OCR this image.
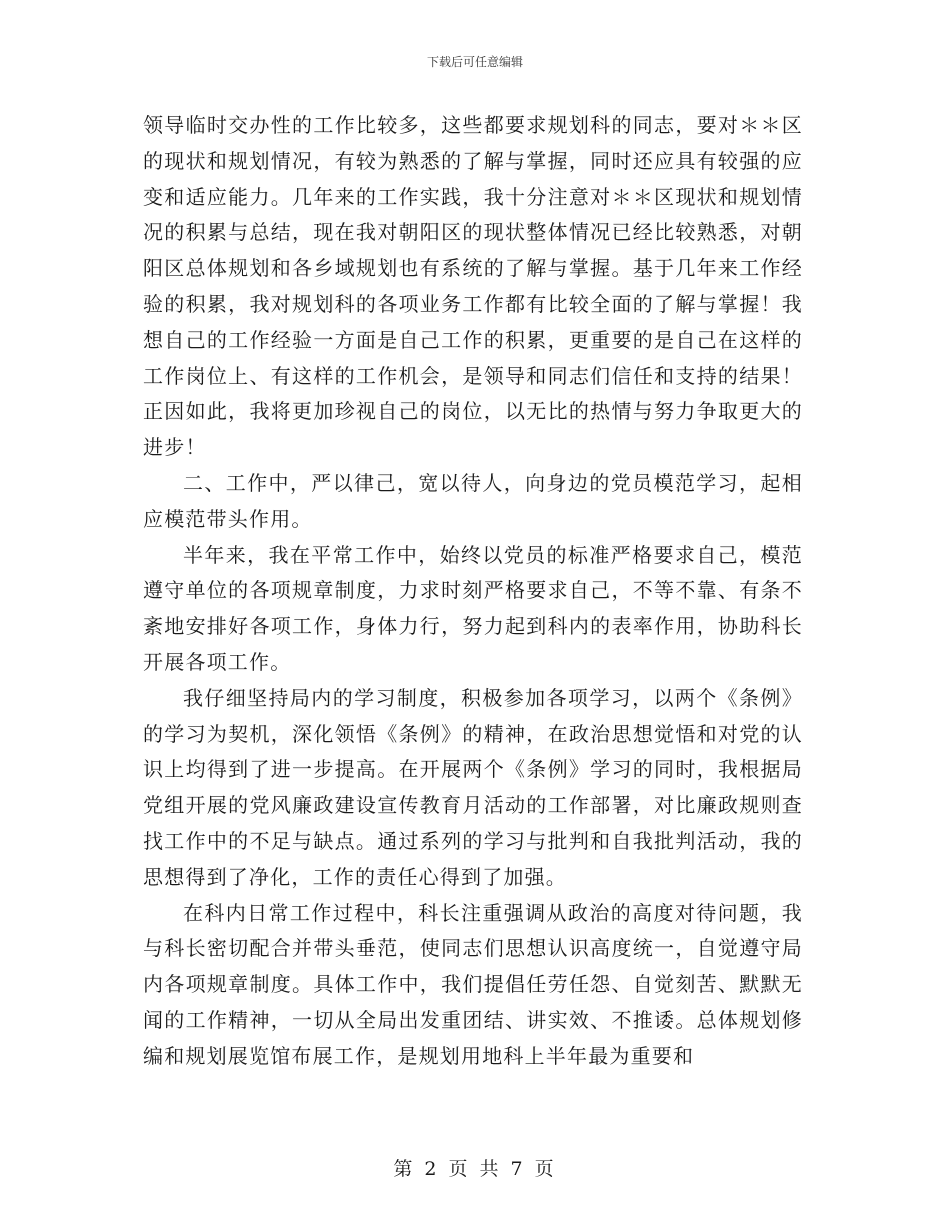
下载后可任意编辑

领导临时交办性的工作比较多，这些都要求规划科的同志，要对＊＊区的现状和规划情况，有较为熟悉的了解与掌握，同时还应具有较强的应变和适应能力。几年来的工作实践，我十分注意对＊＊区现状和规划情况的积累与总结，现在我对朝阳区的现状整体情况已经比较熟悉，对朝阳区总体规划和各乡域规划也有系统的了解与掌握。基于几年来工作经验的积累，我对规划科的各项业务工作都有比较全面的了解与掌握！我想自己的工作经验一方面是自己工作的积累，更重要的是自己在这样的工作岗位上、有这样的工作机会，是领导和同志们信任和支持的结果！正因如此，我将更加珍视自己的岗位，以无比的热情与努力争取更大的进步！

二、工作中，严以律己，宽以待人，向身边的党员模范学习，起相应模范带头作用。

半年来，我在平常工作中，始终以党员的标准严格要求自己，模范遵守单位的各项规章制度，力求时刻严格要求自己，不等不靠、有条不紊地安排好各项工作，身体力行，努力起到科内的表率作用，协助科长开展各项工作。

我仔细坚持局内的学习制度，积极参加各项学习，以两个《条例》的学习为契机，深化领悟《条例》的精神，在政治思想觉悟和对党的认识上均得到了进一步提高。在开展两个《条例》学习的同时，我根据局党组开展的党风廉政建设宣传教育月活动的工作部署，对比廉政规则查找工作中的不足与缺点。通过系列的学习与批判和自我批判活动，我的思想得到了净化，工作的责任心得到了加强。

在科内日常工作过程中，科长注重强调从政治的高度对待问题，我与科长密切配合并带头垂范，使同志们思想认识高度统一，自觉遵守局内各项规章制度。具体工作中，我们提倡任劳任怨、自觉刻苦、默默无闻的工作精神，一切从全局出发重团结、讲实效、不推诿。总体规划修编和规划展览馆布展工作，是规划用地科上半年最为重要和

第 2 页 共 7 页
